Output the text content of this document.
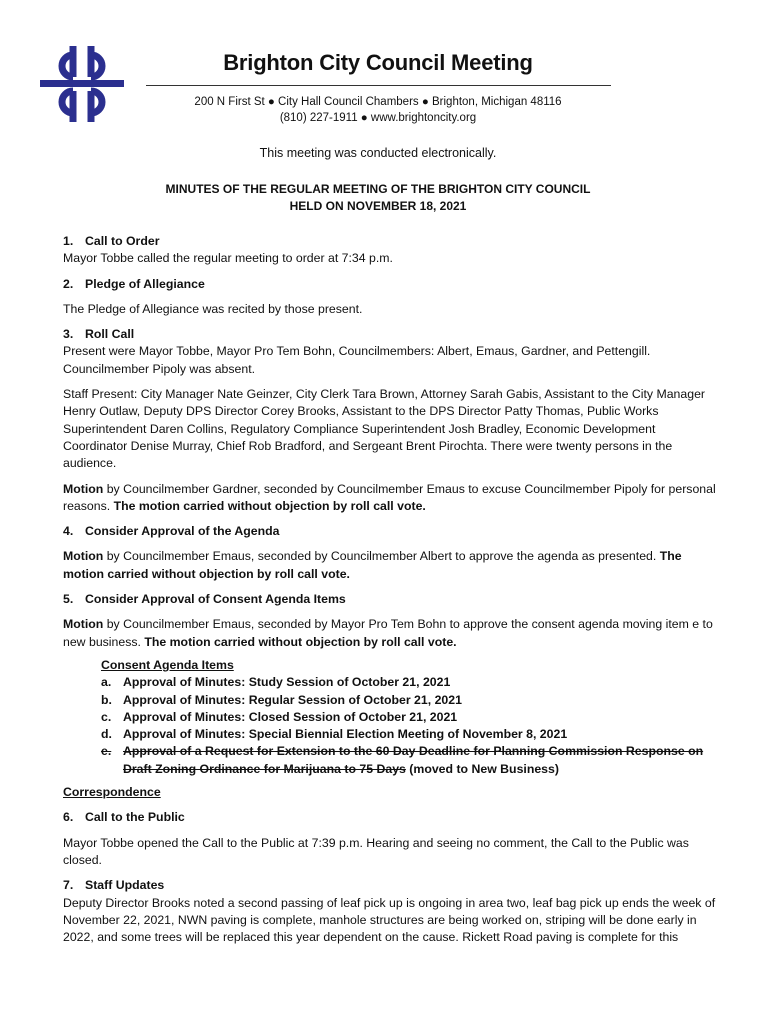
Brighton City Council Meeting
200 N First St ● City Hall Council Chambers ● Brighton, Michigan 48116
(810) 227-1911 ● www.brightoncity.org
This meeting was conducted electronically.
MINUTES OF THE REGULAR MEETING OF THE BRIGHTON CITY COUNCIL
HELD ON NOVEMBER 18, 2021
1. Call to Order

Mayor Tobbe called the regular meeting to order at 7:34 p.m.

2. Pledge of Allegiance

The Pledge of Allegiance was recited by those present.

3. Roll Call

Present were Mayor Tobbe, Mayor Pro Tem Bohn, Councilmembers: Albert, Emaus, Gardner, and Pettengill. Councilmember Pipoly was absent.

Staff Present: City Manager Nate Geinzer, City Clerk Tara Brown, Attorney Sarah Gabis, Assistant to the City Manager Henry Outlaw, Deputy DPS Director Corey Brooks, Assistant to the DPS Director Patty Thomas, Public Works Superintendent Daren Collins, Regulatory Compliance Superintendent Josh Bradley, Economic Development Coordinator Denise Murray, Chief Rob Bradford, and Sergeant Brent Pirochta. There were twenty persons in the audience.

Motion by Councilmember Gardner, seconded by Councilmember Emaus to excuse Councilmember Pipoly for personal reasons. The motion carried without objection by roll call vote.

4. Consider Approval of the Agenda

Motion by Councilmember Emaus, seconded by Councilmember Albert to approve the agenda as presented. The motion carried without objection by roll call vote.

5. Consider Approval of Consent Agenda Items

Motion by Councilmember Emaus, seconded by Mayor Pro Tem Bohn to approve the consent agenda moving item e to new business. The motion carried without objection by roll call vote.

Consent Agenda Items
a. Approval of Minutes: Study Session of October 21, 2021
b. Approval of Minutes: Regular Session of October 21, 2021
c. Approval of Minutes: Closed Session of October 21, 2021
d. Approval of Minutes: Special Biennial Election Meeting of November 8, 2021
e. Approval of a Request for Extension to the 60 Day Deadline for Planning Commission Response on Draft Zoning Ordinance for Marijuana to 75 Days (moved to New Business)
Correspondence

6. Call to the Public

Mayor Tobbe opened the Call to the Public at 7:39 p.m. Hearing and seeing no comment, the Call to the Public was closed.

7. Staff Updates

Deputy Director Brooks noted a second passing of leaf pick up is ongoing in area two, leaf bag pick up ends the week of November 22, 2021, NWN paving is complete, manhole structures are being worked on, striping will be done early in 2022, and some trees will be replaced this year dependent on the cause. Rickett Road paving is complete for this
